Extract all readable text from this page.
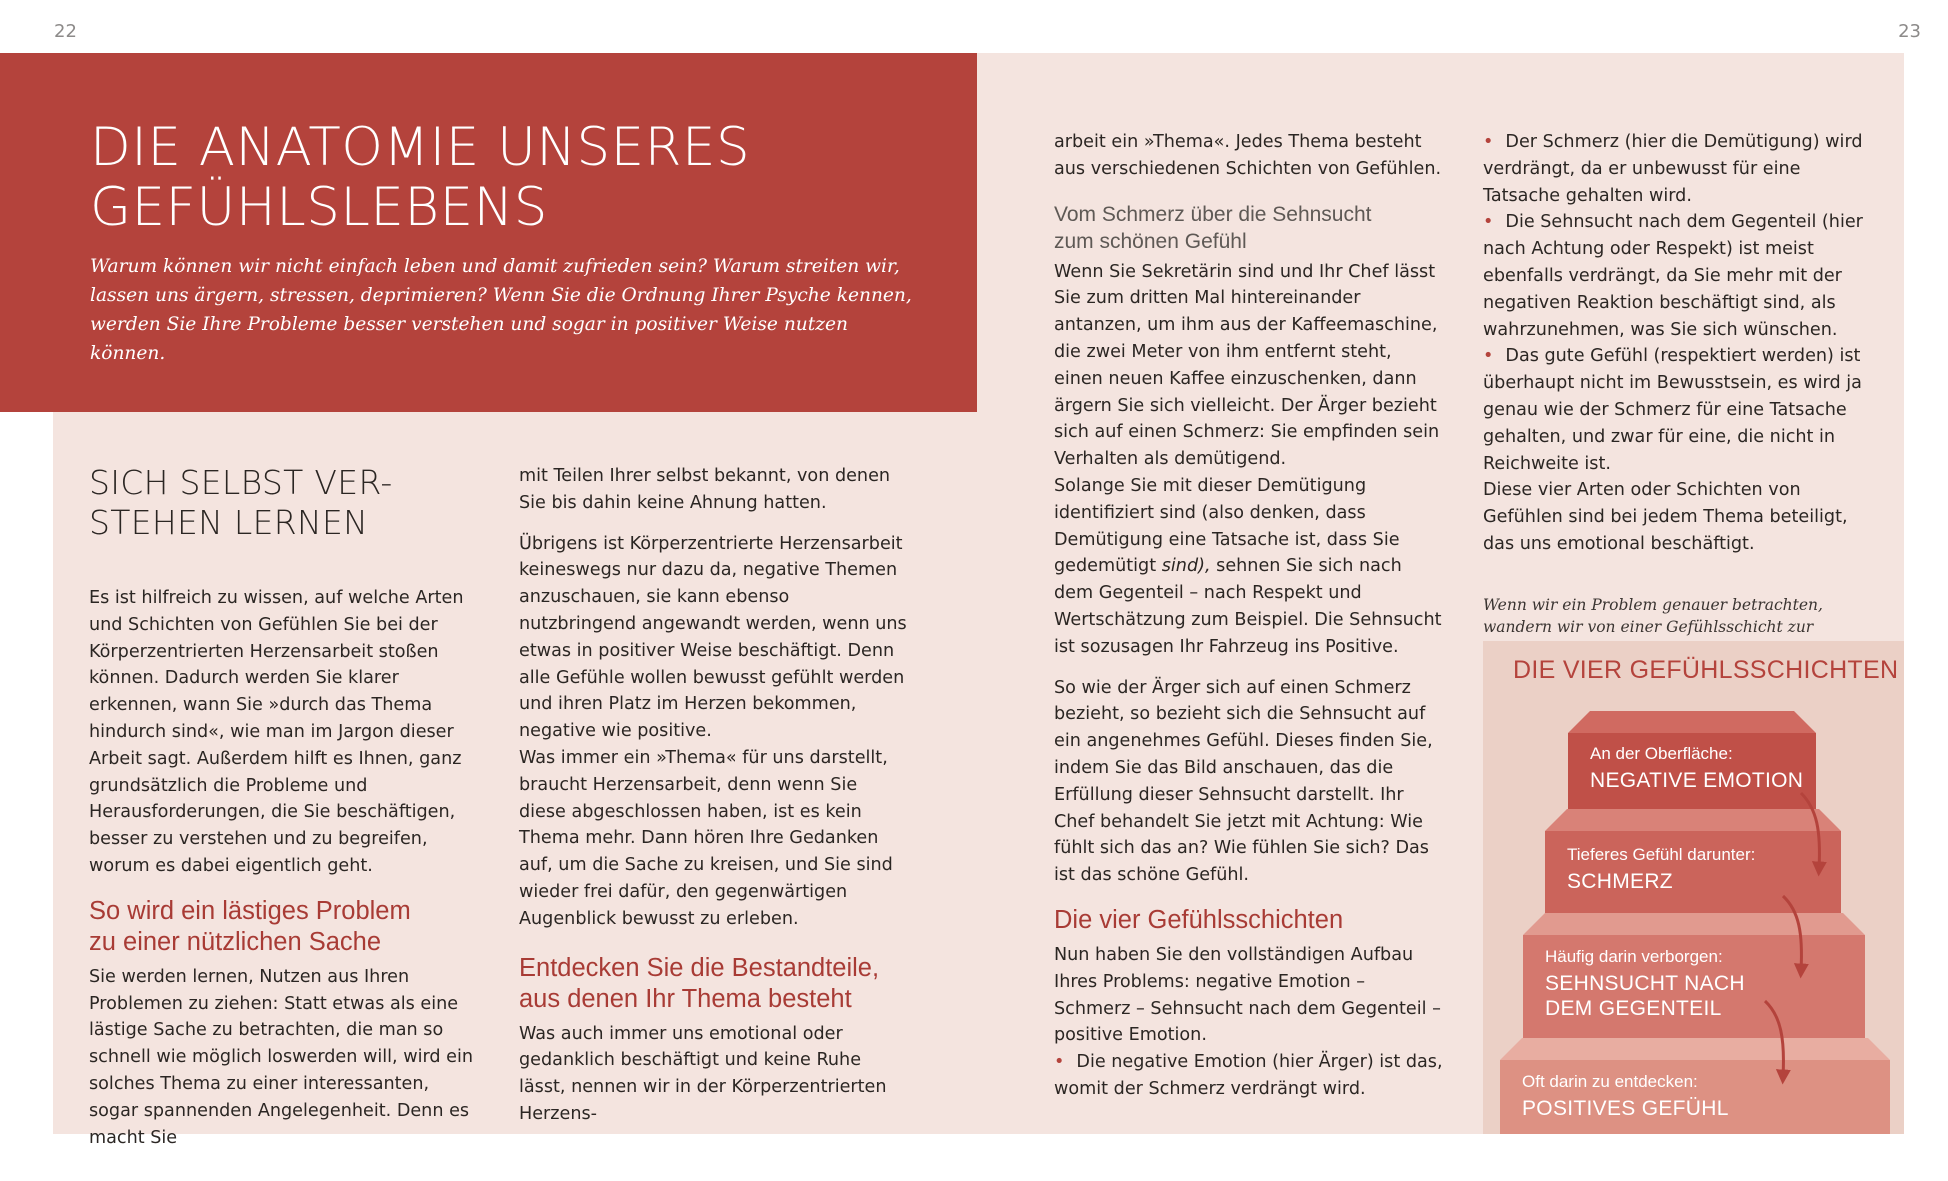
22	23
DIE ANATOMIE UNSERES
GEFÜHLSLEBENS
Warum können wir nicht einfach leben und damit zufrieden sein? Warum streiten wir, lassen uns ärgern, stressen, deprimieren? Wenn Sie die Ordnung Ihrer Psyche kennen, werden Sie Ihre Probleme besser verstehen und sogar in positiver Weise nutzen können.
SICH SELBST VER-
STEHEN LERNEN

Es ist hilfreich zu wissen, auf welche Arten und Schichten von Gefühlen Sie bei der Körperzentrierten Herzensarbeit stoßen können. Dadurch werden Sie klarer erkennen, wann Sie »durch das Thema hindurch sind«, wie man im Jargon dieser Arbeit sagt. Außerdem hilft es Ihnen, ganz grundsätzlich die Probleme und Herausforderungen, die Sie beschäftigen, besser zu verstehen und zu begreifen, worum es dabei eigentlich geht.

So wird ein lästiges Problem
zu einer nützlichen Sache

Sie werden lernen, Nutzen aus Ihren Problemen zu ziehen: Statt etwas als eine lästige Sache zu betrachten, die man so schnell wie möglich loswerden will, wird ein solches Thema zu einer interessanten, sogar spannenden Angelegenheit. Denn es macht Sie

mit Teilen Ihrer selbst bekannt, von denen Sie bis dahin keine Ahnung hatten.

Übrigens ist Körperzentrierte Herzensarbeit keineswegs nur dazu da, negative Themen anzuschauen, sie kann ebenso nutzbringend angewandt werden, wenn uns etwas in positiver Weise beschäftigt. Denn alle Gefühle wollen bewusst gefühlt werden und ihren Platz im Herzen bekommen, negative wie positive.

Was immer ein »Thema« für uns darstellt, braucht Herzensarbeit, denn wenn Sie diese abgeschlossen haben, ist es kein Thema mehr. Dann hören Ihre Gedanken auf, um die Sache zu kreisen, und Sie sind wieder frei dafür, den gegenwärtigen Augenblick bewusst zu erleben.

Entdecken Sie die Bestandteile,
aus denen Ihr Thema besteht

Was auch immer uns emotional oder gedanklich beschäftigt und keine Ruhe lässt, nennen wir in der Körperzentrierten Herzens-

arbeit ein »Thema«. Jedes Thema besteht aus verschiedenen Schichten von Gefühlen.

Vom Schmerz über die Sehnsucht
zum schönen Gefühl

Wenn Sie Sekretärin sind und Ihr Chef lässt Sie zum dritten Mal hintereinander antanzen, um ihm aus der Kaffeemaschine, die zwei Meter von ihm entfernt steht, einen neuen Kaffee einzuschenken, dann ärgern Sie sich vielleicht. Der Ärger bezieht sich auf einen Schmerz: Sie empfinden sein Verhalten als demütigend.

Solange Sie mit dieser Demütigung identifiziert sind (also denken, dass Demütigung eine Tatsache ist, dass Sie gedemütigt sind), sehnen Sie sich nach dem Gegenteil – nach Respekt und Wertschätzung zum Beispiel. Die Sehnsucht ist sozusagen Ihr Fahrzeug ins Positive.

So wie der Ärger sich auf einen Schmerz bezieht, so bezieht sich die Sehnsucht auf ein angenehmes Gefühl. Dieses finden Sie, indem Sie das Bild anschauen, das die Erfüllung dieser Sehnsucht darstellt. Ihr Chef behandelt Sie jetzt mit Achtung: Wie fühlt sich das an? Wie fühlen Sie sich? Das ist das schöne Gefühl.

Die vier Gefühlsschichten

Nun haben Sie den vollständigen Aufbau Ihres Problems: negative Emotion – Schmerz – Sehnsucht nach dem Gegenteil – positive Emotion.

• Die negative Emotion (hier Ärger) ist das, womit der Schmerz verdrängt wird.

• Der Schmerz (hier die Demütigung) wird verdrängt, da er unbewusst für eine Tatsache gehalten wird.

• Die Sehnsucht nach dem Gegenteil (hier nach Achtung oder Respekt) ist meist ebenfalls verdrängt, da Sie mehr mit der negativen Reaktion beschäftigt sind, als wahrzunehmen, was Sie sich wünschen.

• Das gute Gefühl (respektiert werden) ist überhaupt nicht im Bewusstsein, es wird ja genau wie der Schmerz für eine Tatsache gehalten, und zwar für eine, die nicht in Reichweite ist.

Diese vier Arten oder Schichten von Gefühlen sind bei jedem Thema beteiligt, das uns emotional beschäftigt.

Wenn wir ein Problem genauer betrachten, wandern wir von einer Gefühlsschicht zur
DIE VIER GEFÜHLSSCHICHTEN
An der Oberfläche:
NEGATIVE EMOTION
Tieferes Gefühl darunter:
SCHMERZ
Häufig darin verborgen:
SEHNSUCHT NACH
DEM GEGENTEIL
Oft darin zu entdecken:
POSITIVES GEFÜHL
